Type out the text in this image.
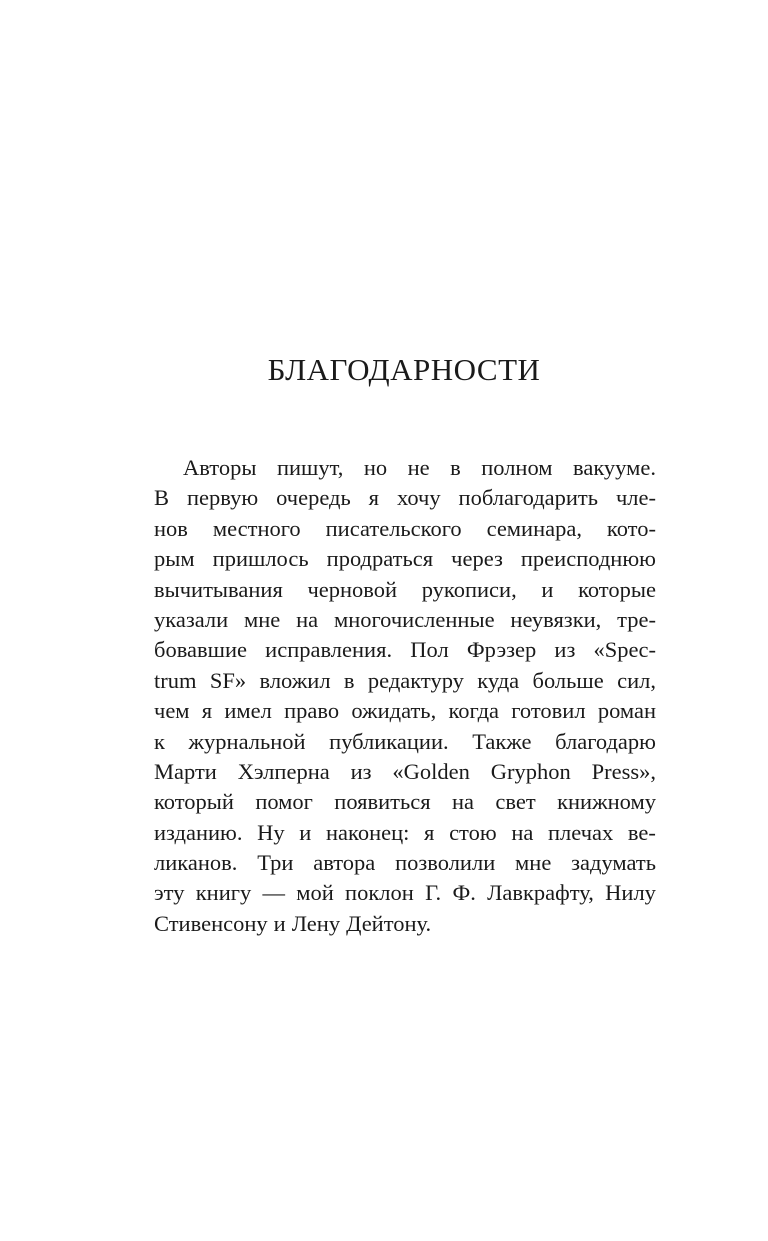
БЛАГОДАРНОСТИ
Авторы пишут, но не в полном вакууме.
В первую очередь я хочу поблагодарить чле-
нов местного писательского семинара, кото-
рым пришлось продраться через преисподнюю
вычитывания черновой рукописи, и которые
указали мне на многочисленные неувязки, тре-
бовавшие исправления. Пол Фрэзер из «Spec-
trum SF» вложил в редактуру куда больше сил,
чем я имел право ожидать, когда готовил роман
к журнальной публикации. Также благодарю
Марти Хэлперна из «Golden Gryphon Press»,
который помог появиться на свет книжному
изданию. Ну и наконец: я стою на плечах ве-
ликанов. Три автора позволили мне задумать
эту книгу — мой поклон Г. Ф. Лавкрафту, Нилу
Стивенсону и Лену Дейтону.
